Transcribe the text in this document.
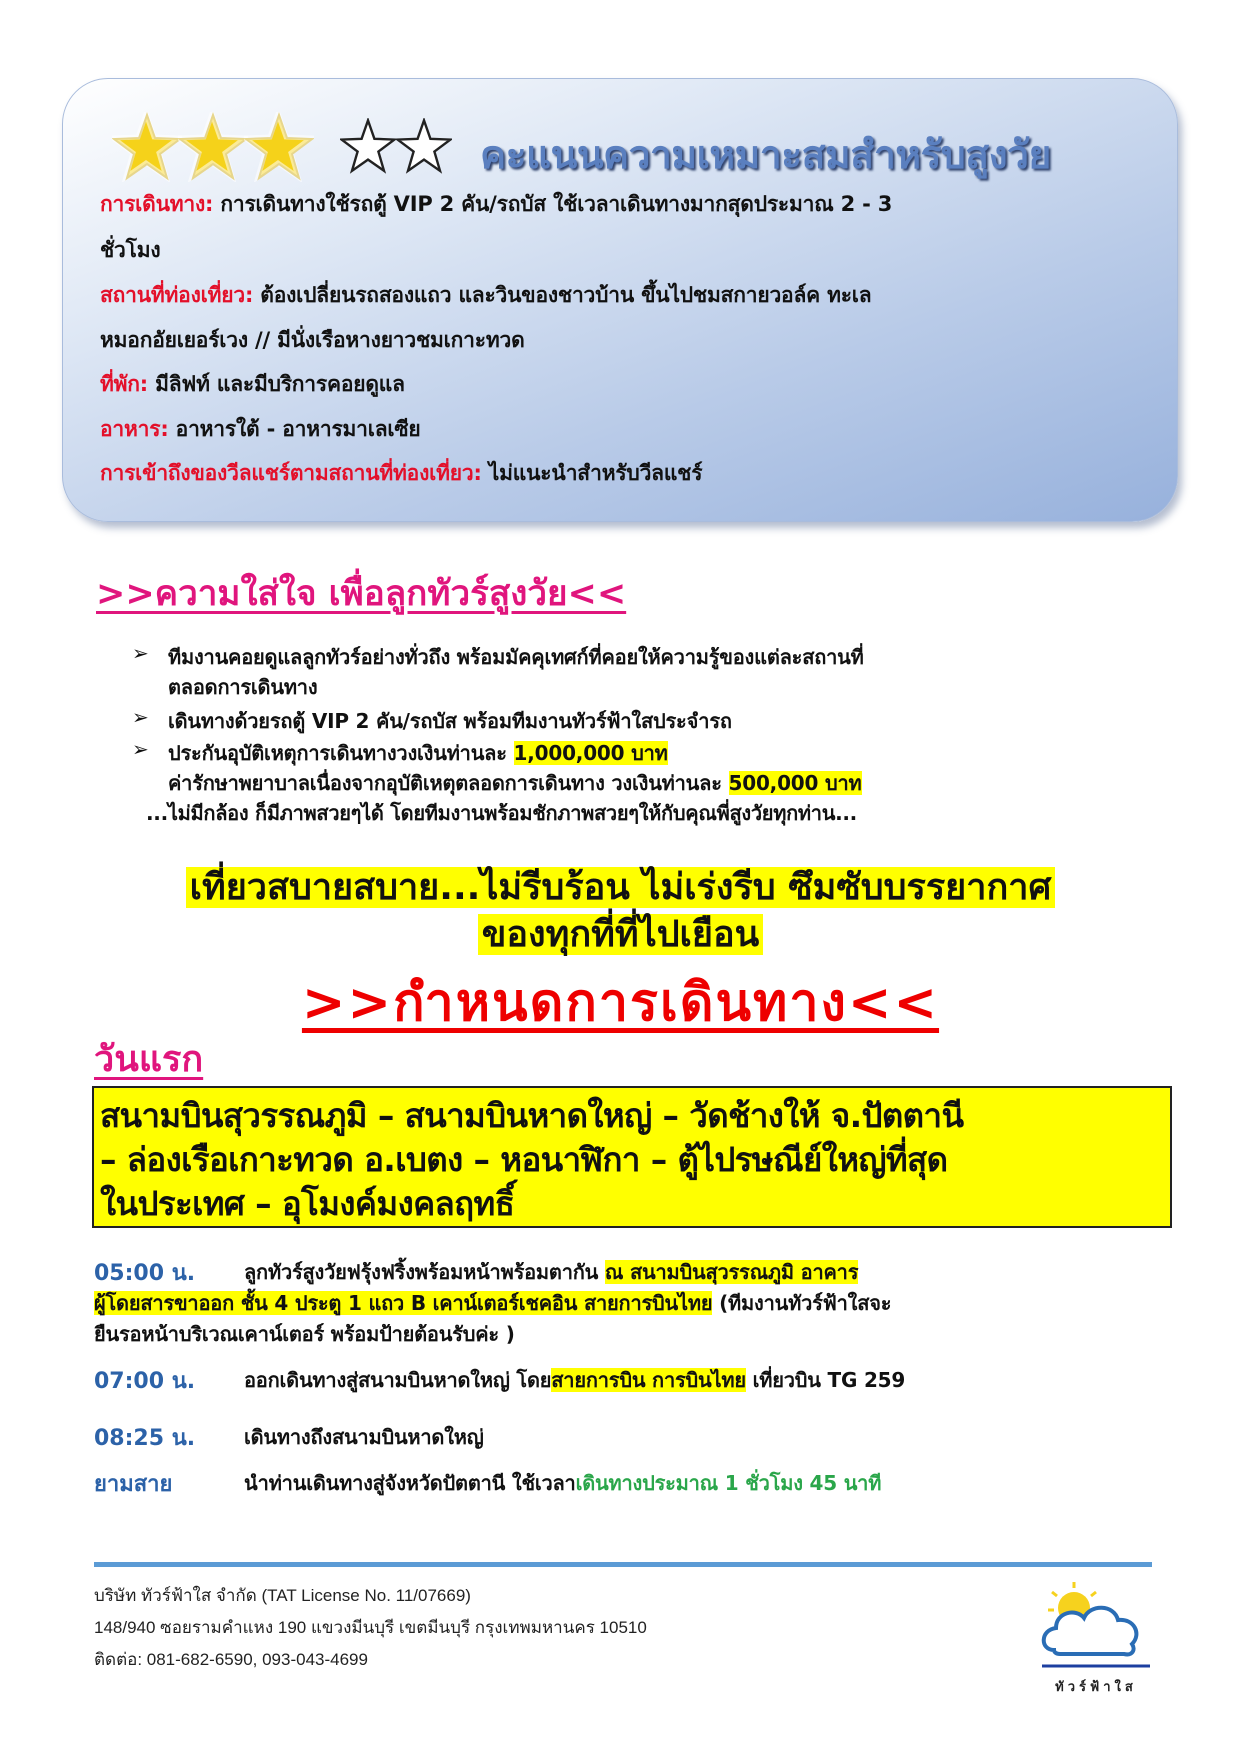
คะแนนความเหมาะสมสำหรับสูงวัย
การเดินทาง: การเดินทางใช้รถตู้ VIP 2 คัน/รถบัส ใช้เวลาเดินทางมากสุดประมาณ 2 - 3
ชั่วโมง
สถานที่ท่องเที่ยว: ต้องเปลี่ยนรถสองแถว และวินของชาวบ้าน ขึ้นไปชมสกายวอล์ค ทะเล
หมอกอัยเยอร์เวง // มีนั่งเรือหางยาวชมเกาะทวด
ที่พัก: มีลิฟท์ และมีบริการคอยดูแล
อาหาร: อาหารใต้ - อาหารมาเลเซีย
การเข้าถึงของวีลแชร์ตามสถานที่ท่องเที่ยว: ไม่แนะนำสำหรับวีลแชร์
>>ความใส่ใจ เพื่อลูกทัวร์สูงวัย<<
➢ ทีมงานคอยดูแลลูกทัวร์อย่างทั่วถึง พร้อมมัคคุเทศก์ที่คอยให้ความรู้ของแต่ละสถานที่
ตลอดการเดินทาง
➢ เดินทางด้วยรถตู้ VIP 2 คัน/รถบัส พร้อมทีมงานทัวร์ฟ้าใสประจำรถ
➢ ประกันอุบัติเหตุการเดินทางวงเงินท่านละ 1,000,000 บาท
ค่ารักษาพยาบาลเนื่องจากอุบัติเหตุตลอดการเดินทาง วงเงินท่านละ 500,000 บาท
...ไม่มีกล้อง ก็มีภาพสวยๆได้ โดยทีมงานพร้อมชักภาพสวยๆให้กับคุณพี่สูงวัยทุกท่าน...
เที่ยวสบายสบาย...ไม่รีบร้อน ไม่เร่งรีบ ซึมซับบรรยากาศ
ของทุกที่ที่ไปเยือน
>>กำหนดการเดินทาง<<
วันแรก
สนามบินสุวรรณภูมิ – สนามบินหาดใหญ่ – วัดช้างให้ จ.ปัตตานี
– ล่องเรือเกาะทวด อ.เบตง – หอนาฬิกา – ตู้ไปรษณีย์ใหญ่ที่สุด
ในประเทศ – อุโมงค์มงคลฤทธิ์
05:00 น. ลูกทัวร์สูงวัยฟรุ้งฟริ้งพร้อมหน้าพร้อมตากัน ณ สนามบินสุวรรณภูมิ อาคาร
ผู้โดยสารขาออก ชั้น 4 ประตู 1 แถว B เคาน์เตอร์เชคอิน สายการบินไทย (ทีมงานทัวร์ฟ้าใสจะ
ยืนรอหน้าบริเวณเคาน์เตอร์ พร้อมป้ายต้อนรับค่ะ )
07:00 น. ออกเดินทางสู่สนามบินหาดใหญ่ โดยสายการบิน การบินไทย เที่ยวบิน TG 259
08:25 น. เดินทางถึงสนามบินหาดใหญ่
ยามสาย	นำท่านเดินทางสู่จังหวัดปัตตานี ใช้เวลาเดินทางประมาณ 1 ชั่วโมง 45 นาที
บริษัท ทัวร์ฟ้าใส จำกัด (TAT License No. 11/07669)
148/940 ซอยรามคำแหง 190 แขวงมีนบุรี เขตมีนบุรี กรุงเทพมหานคร 10510
ติดต่อ: 081-682-6590, 093-043-4699
ทัวร์ฟ้าใส
